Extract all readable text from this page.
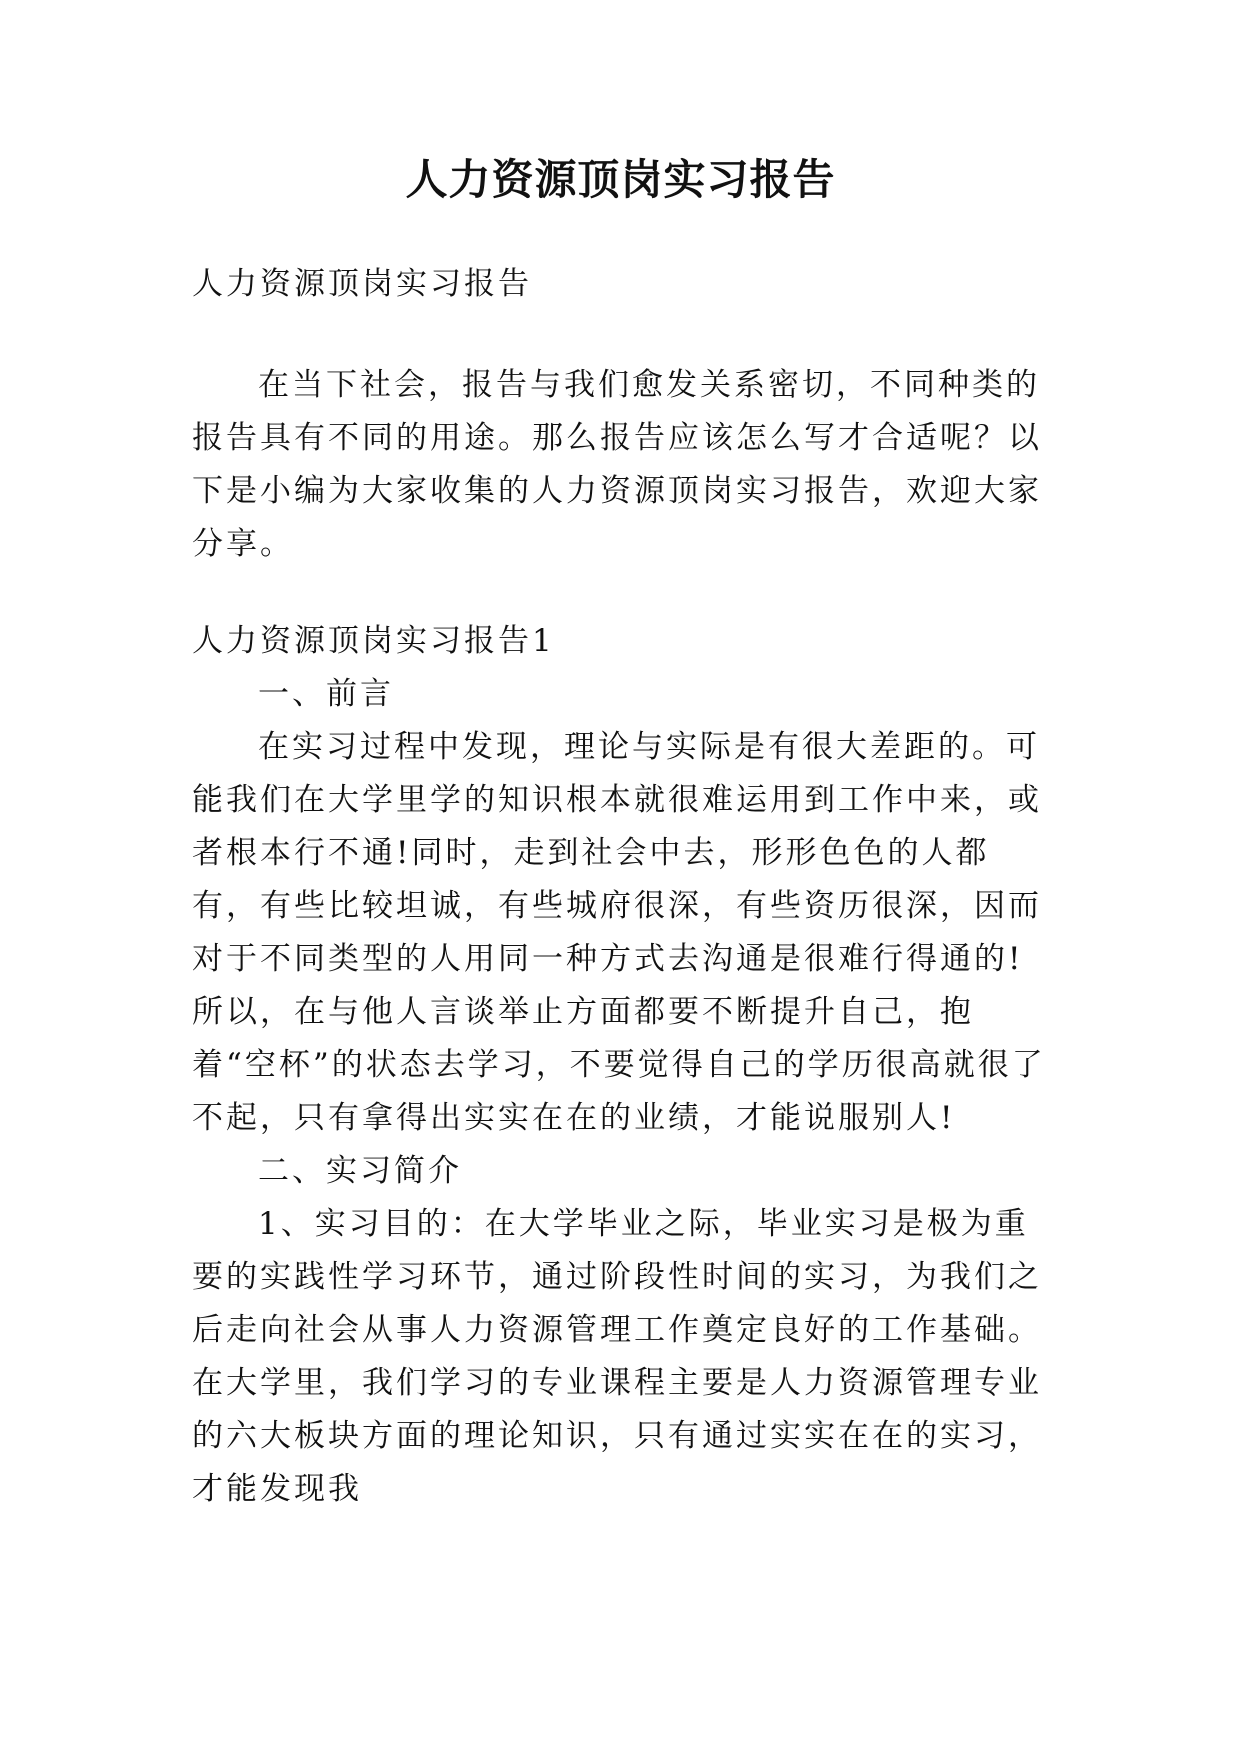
人力资源顶岗实习报告

人力资源顶岗实习报告

在当下社会，报告与我们愈发关系密切，不同种类的报告具有不同的用途。那么报告应该怎么写才合适呢？以下是小编为大家收集的人力资源顶岗实习报告，欢迎大家分享。

人力资源顶岗实习报告1

一、前言

在实习过程中发现，理论与实际是有很大差距的。可能我们在大学里学的知识根本就很难运用到工作中来，或者根本行不通!同时，走到社会中去，形形色色的人都有，有些比较坦诚，有些城府很深，有些资历很深，因而对于不同类型的人用同一种方式去沟通是很难行得通的!所以，在与他人言谈举止方面都要不断提升自己，抱着“空杯”的状态去学习，不要觉得自己的学历很高就很了不起，只有拿得出实实在在的业绩，才能说服别人!

二、实习简介

1、实习目的：在大学毕业之际，毕业实习是极为重要的实践性学习环节，通过阶段性时间的实习，为我们之后走向社会从事人力资源管理工作奠定良好的工作基础。在大学里，我们学习的专业课程主要是人力资源管理专业的六大板块方面的理论知识，只有通过实实在在的实习，才能发现我
